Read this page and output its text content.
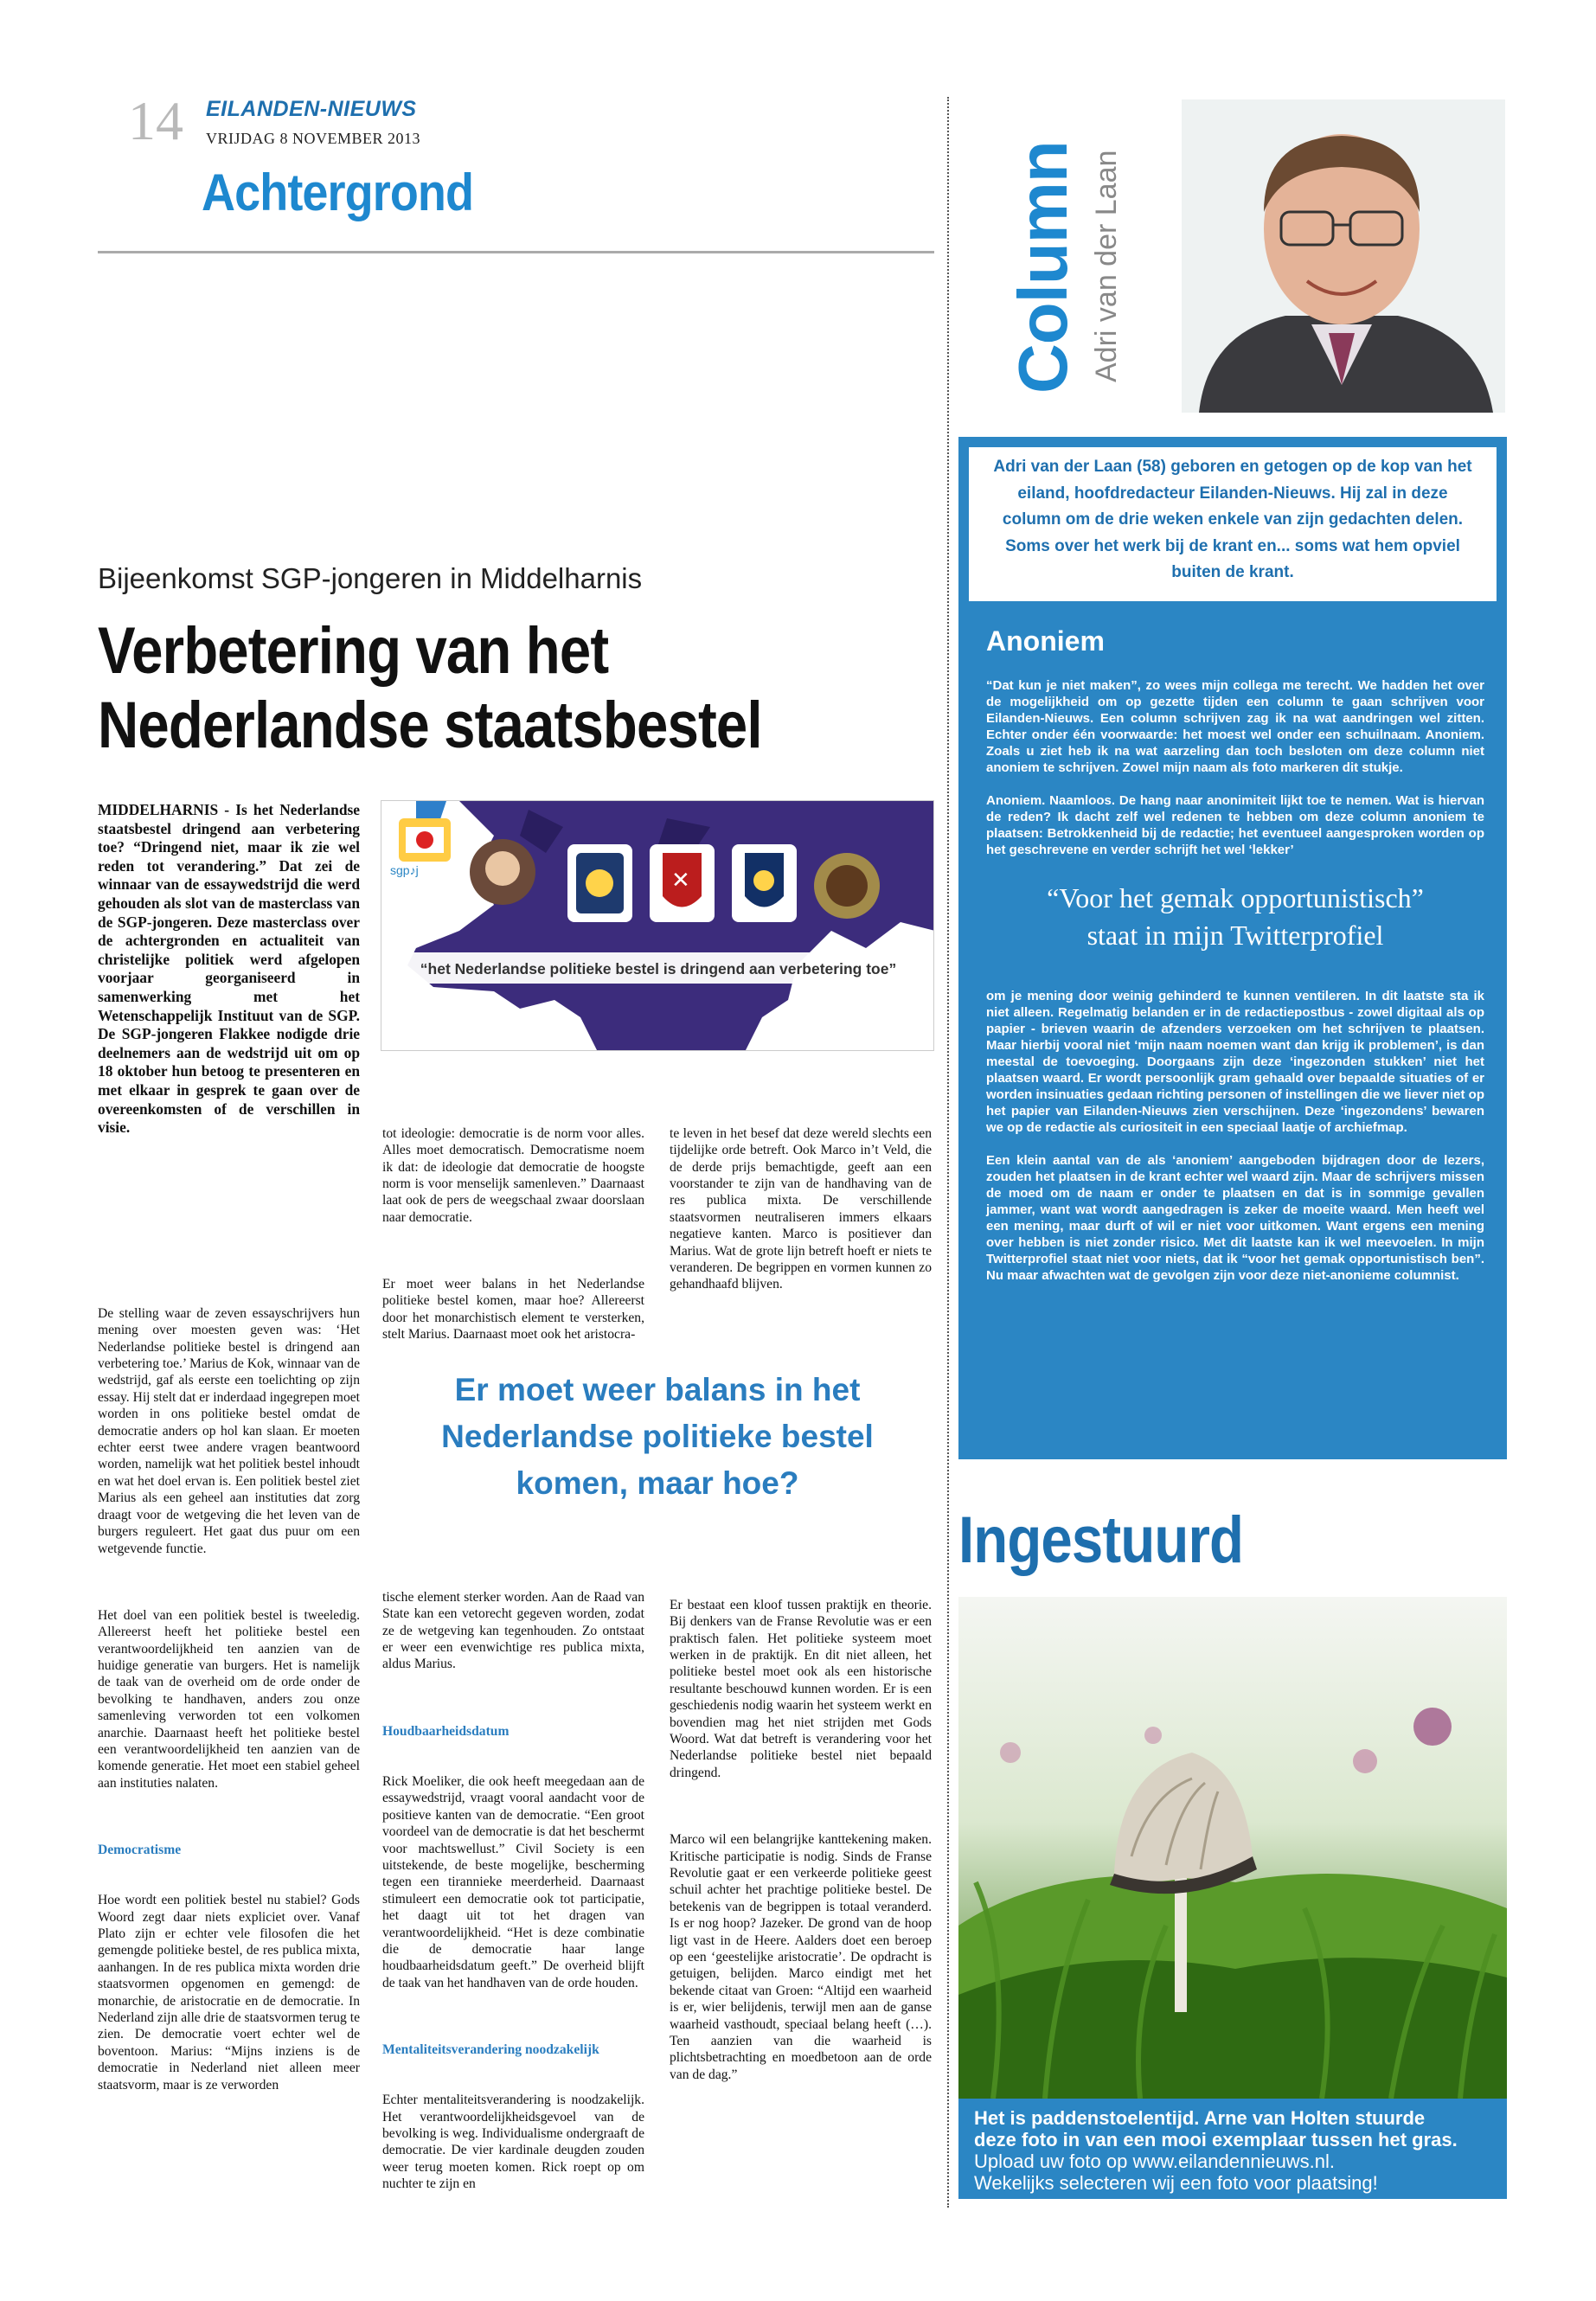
14 EILANDEN-NIEUWS
VRIJDAG 8 NOVEMBER 2013
Achtergrond
Bijeenkomst SGP-jongeren in Middelharnis
Verbetering van het
Nederlandse staatsbestel
sgp♪j	✕
“het Nederlandse politieke bestel is dringend aan verbetering toe”
MIDDELHARNIS - Is het Nederlandse staatsbestel dringend aan verbetering toe? “Dringend niet, maar ik zie wel reden tot verandering.” Dat zei de winnaar van de essaywedstrijd die werd gehouden als slot van de masterclass van de SGP-jongeren. Deze masterclass over de achtergronden en actualiteit van christelijke politiek werd afgelopen voorjaar georganiseerd in samenwerking met het Wetenschappelijk Instituut van de SGP. De SGP-jongeren Flakkee nodigde drie deelnemers aan de wedstrijd uit om op 18 oktober hun betoog te presenteren en met elkaar in gesprek te gaan over de overeenkomsten of de verschillen in visie.

De stelling waar de zeven essayschrijvers hun mening over moesten geven was: ‘Het Nederlandse politieke bestel is dringend aan verbetering toe.’ Marius de Kok, winnaar van de wedstrijd, gaf als eerste een toelichting op zijn essay. Hij stelt dat er inderdaad ingegrepen moet worden in ons politieke bestel omdat de democratie anders op hol kan slaan. Er moeten echter eerst twee andere vragen beantwoord worden, namelijk wat het politiek bestel inhoudt en wat het doel ervan is. Een politiek bestel ziet Marius als een geheel aan instituties dat zorg draagt voor de wetgeving die het leven van de burgers reguleert. Het gaat dus puur om een wetgevende functie.

Het doel van een politiek bestel is tweeledig. Allereerst heeft het politieke bestel een verantwoordelijkheid ten aanzien van de huidige generatie van burgers. Het is namelijk de taak van de overheid om de orde onder de bevolking te handhaven, anders zou onze samenleving verworden tot een volkomen anarchie. Daarnaast heeft het politieke bestel een verantwoordelijkheid ten aanzien van de komende generatie. Het moet een stabiel geheel aan instituties nalaten.

Democratisme

Hoe wordt een politiek bestel nu stabiel? Gods Woord zegt daar niets expliciet over. Vanaf Plato zijn er echter vele filosofen die het gemengde politieke bestel, de res publica mixta, aanhangen. In de res publica mixta worden drie staatsvormen opgenomen en gemengd: de monarchie, de aristocratie en de democratie. In Nederland zijn alle drie de staatsvormen terug te zien. De democratie voert echter wel de boventoon. Marius: “Mijns inziens is de democratie in Nederland niet alleen meer staatsvorm, maar is ze verworden

tot ideologie: democratie is de norm voor alles. Alles moet democratisch. Democratisme noem ik dat: de ideologie dat democratie de hoogste norm is voor menselijk samenleven.” Daarnaast laat ook de pers de weegschaal zwaar doorslaan naar democratie.

Er moet weer balans in het Nederlandse politieke bestel komen, maar hoe? Allereerst door het monarchistisch element te versterken, stelt Marius. Daarnaast moet ook het aristocra-

te leven in het besef dat deze wereld slechts een tijdelijke orde betreft. Ook Marco in’t Veld, die de derde prijs bemachtigde, geeft aan een voorstander te zijn van de handhaving van de res publica mixta. De verschillende staatsvormen neutraliseren immers elkaars negatieve kanten. Marco is positiever dan Marius. Wat de grote lijn betreft hoeft er niets te veranderen. De begrippen en vormen kunnen zo gehandhaafd blijven.

Er moet weer balans in het Nederlandse politieke bestel komen, maar hoe?

tische element sterker worden. Aan de Raad van State kan een vetorecht gegeven worden, zodat ze de wetgeving kan tegenhouden. Zo ontstaat er weer een evenwichtige res publica mixta, aldus Marius.

Houdbaarheidsdatum

Rick Moeliker, die ook heeft meegedaan aan de essaywedstrijd, vraagt vooral aandacht voor de positieve kanten van de democratie. “Een groot voordeel van de democratie is dat het beschermt voor machtswellust.” Civil Society is een uitstekende, de beste mogelijke, bescherming tegen een tirannieke meerderheid. Daarnaast stimuleert een democratie ook tot participatie, het daagt uit tot het dragen van verantwoordelijkheid. “Het is deze combinatie die de democratie haar lange houdbaarheidsdatum geeft.” De overheid blijft de taak van het handhaven van de orde houden.

Mentaliteitsverandering noodzakelijk

Echter mentaliteitsverandering is noodzakelijk. Het verantwoordelijkheidsgevoel van de bevolking is weg. Individualisme ondergraaft de democratie. De vier kardinale deugden zouden weer terug moeten komen. Rick roept op om nuchter te zijn en

Er bestaat een kloof tussen praktijk en theorie. Bij denkers van de Franse Revolutie was er een praktisch falen. Het politieke systeem moet werken in de praktijk. En dit niet alleen, het politieke bestel moet ook als een historische resultante beschouwd kunnen worden. Er is een geschiedenis nodig waarin het systeem werkt en bovendien mag het niet strijden met Gods Woord. Wat dat betreft is verandering voor het Nederlandse politieke bestel niet bepaald dringend.

Marco wil een belangrijke kanttekening maken. Kritische participatie is nodig. Sinds de Franse Revolutie gaat er een verkeerde politieke geest schuil achter het prachtige politieke bestel. De betekenis van de begrippen is totaal veranderd. Is er nog hoop? Jazeker. De grond van de hoop ligt vast in de Heere. Aalders doet een beroep op een ‘geestelijke aristocratie’. De opdracht is getuigen, belijden. Marco eindigt met het bekende citaat van Groen: “Altijd een waarheid is er, wier belijdenis, terwijl men aan de ganse waarheid vasthoudt, speciaal belang heeft (…). Ten aanzien van die waarheid is plichtsbetrachting en moedbetoon aan de orde van de dag.”

Column Adri van der Laan
Adri van der Laan (58) geboren en getogen op de kop van het eiland, hoofdredacteur Eilanden-Nieuws. Hij zal in deze column om de drie weken enkele van zijn gedachten delen. Soms over het werk bij de krant en... soms wat hem opviel buiten de krant.
Anoniem
“Dat kun je niet maken”, zo wees mijn collega me terecht. We hadden het over de mogelijkheid om op gezette tijden een column te gaan schrijven voor Eilanden-Nieuws. Een column schrijven zag ik na wat aandringen wel zitten. Echter onder één voorwaarde: het moest wel onder een schuilnaam. Anoniem. Zoals u ziet heb ik na wat aarzeling dan toch besloten om deze column niet anoniem te schrijven. Zowel mijn naam als foto markeren dit stukje.
Anoniem. Naamloos. De hang naar anonimiteit lijkt toe te nemen. Wat is hiervan de reden? Ik dacht zelf wel redenen te hebben om deze column anoniem te plaatsen: Betrokkenheid bij de redactie; het eventueel aangesproken worden op het geschrevene en verder schrijft het wel ‘lekker’
“Voor het gemak opportunistisch”
staat in mijn Twitterprofiel
om je mening door weinig gehinderd te kunnen ventileren. In dit laatste sta ik niet alleen. Regelmatig belanden er in de redactiepostbus - zowel digitaal als op papier - brieven waarin de afzenders verzoeken om het schrijven te plaatsen. Maar hierbij vooral niet ‘mijn naam noemen want dan krijg ik problemen’, is dan meestal de toevoeging. Doorgaans zijn deze ‘ingezonden stukken’ niet het plaatsen waard. Er wordt persoonlijk gram gehaald over bepaalde situaties of er worden insinuaties gedaan richting personen of instellingen die we liever niet op het papier van Eilanden-Nieuws zien verschijnen. Deze ‘ingezondens’ bewaren we op de redactie als curiositeit in een speciaal laatje of archiefmap.
Een klein aantal van de als ‘anoniem’ aangeboden bijdragen door de lezers, zouden het plaatsen in de krant echter wel waard zijn. Maar de schrijvers missen de moed om de naam er onder te plaatsen en dat is in sommige gevallen jammer, want wat wordt aangedragen is zeker de moeite waard. Men heeft wel een mening, maar durft of wil er niet voor uitkomen. Want ergens een mening over hebben is niet zonder risico. Met dit laatste kan ik wel meevoelen. In mijn Twitterprofiel staat niet voor niets, dat ik “voor het gemak opportunistisch ben”. Nu maar afwachten wat de gevolgen zijn voor deze niet-anonieme columnist.
Ingestuurd
Het is paddenstoelentijd. Arne van Holten stuurde
deze foto in van een mooi exemplaar tussen het gras.
Upload uw foto op www.eilandennieuws.nl.
Wekelijks selecteren wij een foto voor plaatsing!
